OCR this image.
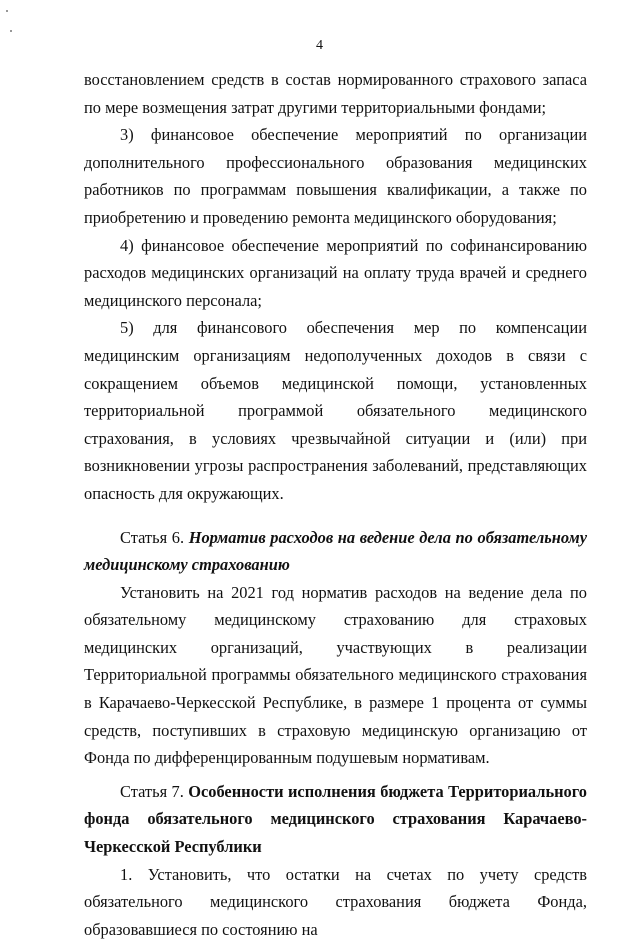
4

восстановлением средств в состав нормированного страхового запаса по мере возмещения затрат другими территориальными фондами;

3) финансовое обеспечение мероприятий по организации дополнительного профессионального образования медицинских работников по программам повышения квалификации, а также по приобретению и проведению ремонта медицинского оборудования;

4) финансовое обеспечение мероприятий по софинансированию расходов медицинских организаций на оплату труда врачей и среднего медицинского персонала;

5) для финансового обеспечения мер по компенсации медицинским организациям недополученных доходов в связи с сокращением объемов медицинской помощи, установленных территориальной программой обязательного медицинского страхования, в условиях чрезвычайной ситуации и (или) при возникновении угрозы распространения заболеваний, представляющих опасность для окружающих.

Статья 6. Норматив расходов на ведение дела по обязательному медицинскому страхованию

Установить на 2021 год норматив расходов на ведение дела по обязательному медицинскому страхованию для страховых медицинских организаций, участвующих в реализации Территориальной программы обязательного медицинского страхования в Карачаево-Черкесской Республике, в размере 1 процента от суммы средств, поступивших в страховую медицинскую организацию от Фонда по дифференцированным подушевым нормативам.

Статья 7. Особенности исполнения бюджета Территориального фонда обязательного медицинского страхования Карачаево-Черкесской Республики

1. Установить, что остатки на счетах по учету средств обязательного медицинского страхования бюджета Фонда, образовавшиеся по состоянию на
